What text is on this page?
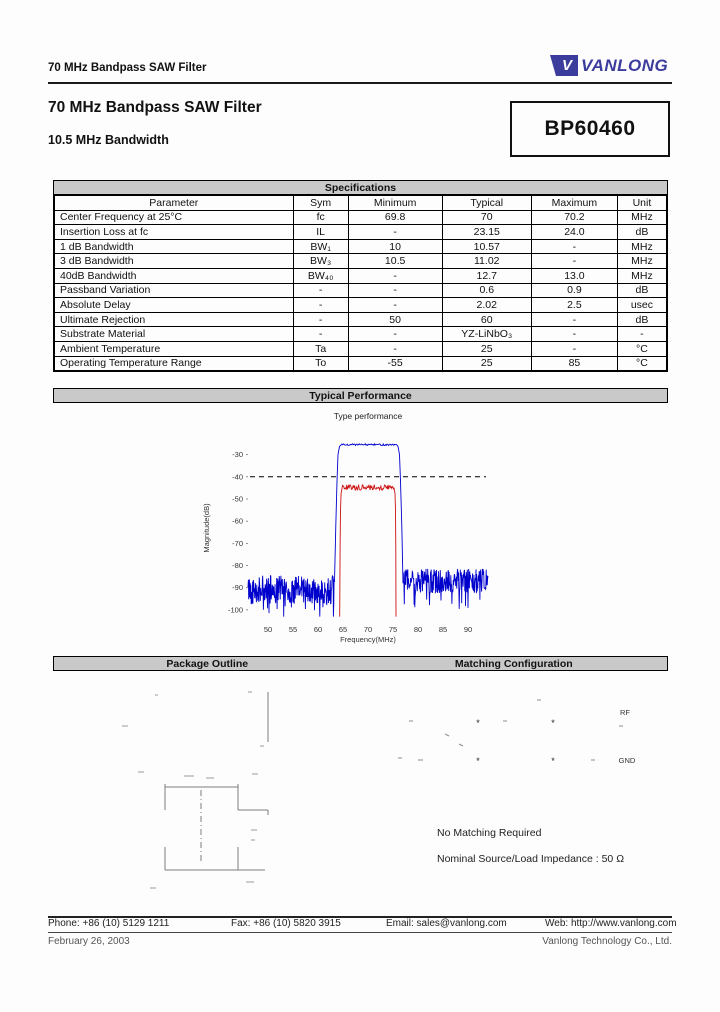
70 MHz Bandpass SAW Filter	V VANLONG
70 MHz Bandpass SAW Filter
10.5 MHz Bandwidth	BP60460
Specifications
Parameter	Sym	Minimum	Typical	Maximum	Unit
Center Frequency at 25°C	fc	69.8	70	70.2	MHz
Insertion Loss at fc	IL	-	23.15	24.0	dB
1 dB Bandwidth	BW₁	10	10.57	-	MHz
3 dB Bandwidth	BW₃	10.5	11.02	-	MHz
40dB Bandwidth	BW₄₀	-	12.7	13.0	MHz
Passband Variation	-	-	0.6	0.9	dB
Absolute Delay	-	-	2.02	2.5	usec
Ultimate Rejection	-	50	60	-	dB
Substrate Material	-	-	YZ-LiNbO₃	-	-
Ambient Temperature	Ta	-	25	-	°C
Operating Temperature Range	To	-55	25	85	°C
Typical Performance
Type performance
Frequency(MHz)
Magnitude(dB)
-30
-40
-50
-60
-70
-80
-90
-100
50 55 60 65 70 75 80 85 90
Package Outline	Matching Configuration
*	*
*	*
RF
GND
No Matching Required
Nominal Source/Load Impedance : 50 Ω
Phone: +86 (10) 5129 1211	Fax: +86 (10) 5820 3915	Email: sales@vanlong.com	Web: http://www.vanlong.com
February 26, 2003	Vanlong Technology Co., Ltd.
